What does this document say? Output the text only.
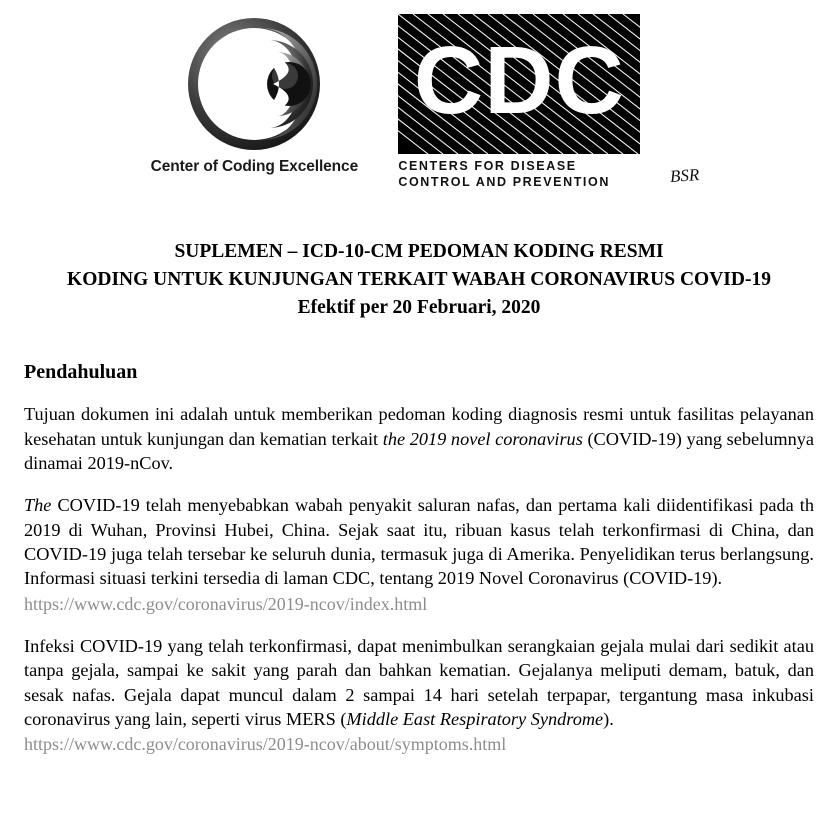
Center of Coding Excellence
CDC
CENTERS FOR DISEASE
CONTROL AND PREVENTION	BSR
SUPLEMEN – ICD-10-CM PEDOMAN KODING RESMI
KODING UNTUK KUNJUNGAN TERKAIT WABAH CORONAVIRUS COVID-19
Efektif per 20 Februari, 2020
Pendahuluan

Tujuan dokumen ini adalah untuk memberikan pedoman koding diagnosis resmi untuk fasilitas pelayanan kesehatan untuk kunjungan dan kematian terkait the 2019 novel coronavirus (COVID-19) yang sebelumnya dinamai 2019-nCov.

The COVID-19 telah menyebabkan wabah penyakit saluran nafas, dan pertama kali diidentifikasi pada th 2019 di Wuhan, Provinsi Hubei, China. Sejak saat itu, ribuan kasus telah terkonfirmasi di China, dan COVID-19 juga telah tersebar ke seluruh dunia, termasuk juga di Amerika. Penyelidikan terus berlangsung. Informasi situasi terkini tersedia di laman CDC, tentang 2019 Novel Coronavirus (COVID-19).

https://www.cdc.gov/coronavirus/2019-ncov/index.html

Infeksi COVID-19 yang telah terkonfirmasi, dapat menimbulkan serangkaian gejala mulai dari sedikit atau tanpa gejala, sampai ke sakit yang parah dan bahkan kematian. Gejalanya meliputi demam, batuk, dan sesak nafas. Gejala dapat muncul dalam 2 sampai 14 hari setelah terpapar, tergantung masa inkubasi coronavirus yang lain, seperti virus MERS (Middle East Respiratory Syndrome).

https://www.cdc.gov/coronavirus/2019-ncov/about/symptoms.html
